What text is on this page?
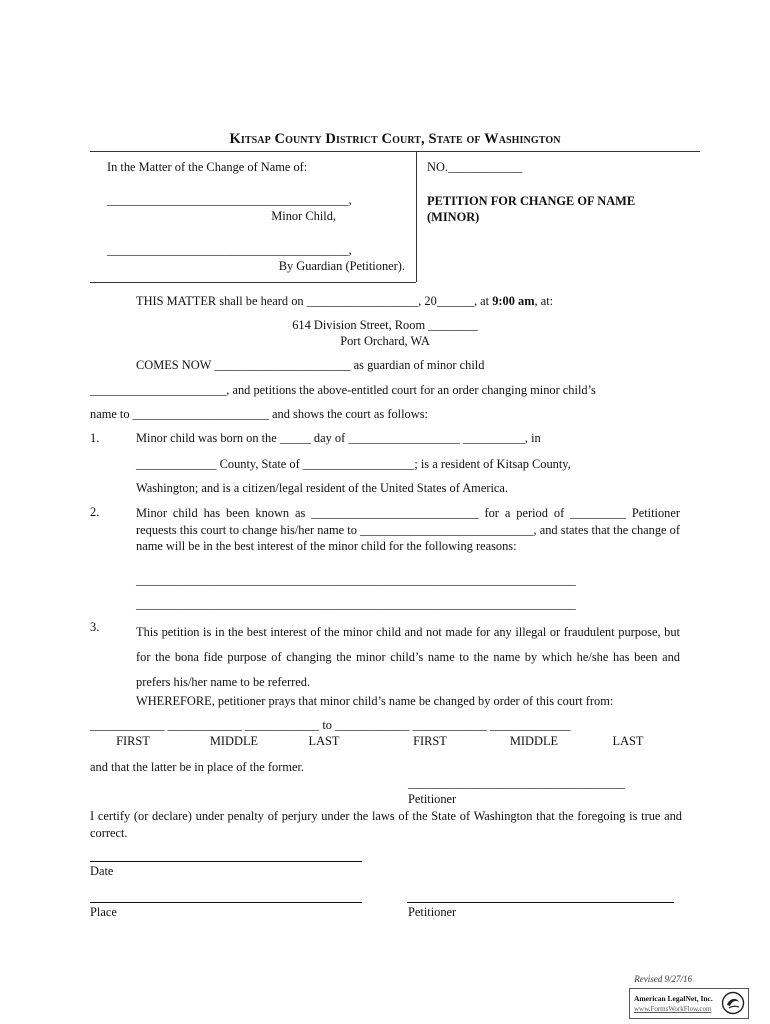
Kitsap County District Court, State of Washington
In the Matter of the Change of Name of:	NO.____________
_______________________________________,
Minor Child,
PETITION FOR CHANGE OF NAME
(MINOR)
_______________________________________,
By Guardian (Petitioner).
THIS MATTER shall be heard on __________________, 20______, at 9:00 am, at:
614 Division Street, Room ________
Port Orchard, WA
COMES NOW ______________________ as guardian of minor child
______________________, and petitions the above-entitled court for an order changing minor child’s
name to ______________________ and shows the court as follows:
1.	Minor child was born on the _____ day of __________________ __________, in
_____________ County, State of __________________; is a resident of Kitsap County,
Washington; and is a citizen/legal resident of the United States of America.
2.	Minor child has been known as ___________________________ for a period of _________ Petitioner requests this court to change his/her name to ____________________________, and states that the change of name will be in the best interest of the minor child for the following reasons:
_______________________________________________________________________
_______________________________________________________________________
3.	This petition is in the best interest of the minor child and not made for any illegal or fraudulent purpose, but for the bona fide purpose of changing the minor child’s name to the name by which he/she has been and prefers his/her name to be referred.
WHEREFORE, petitioner prays that minor child’s name be changed by order of this court from:
____________ ____________ ____________ to ____________ ____________ _____________
FIRST	MIDDLE	LAST	FIRST	MIDDLE	LAST
and that the latter be in place of the former.
___________________________________
Petitioner
I certify (or declare) under penalty of perjury under the laws of the State of Washington that the foregoing is true and correct.
Date
Place	Petitioner
Revised 9/27/16
American LegalNet, Inc.
www.FormsWorkFlow.com
